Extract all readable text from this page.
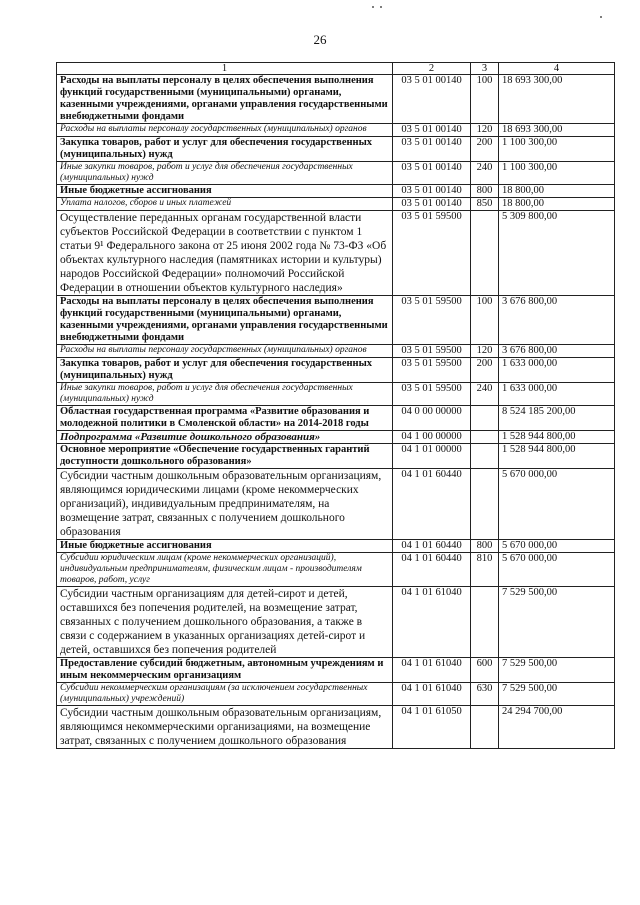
26
1	2	3	4
Расходы на выплаты персоналу в целях обеспечения выполнения функций государственными (муниципальными) органами, казенными учреждениями, органами управления государственными внебюджетными фондами	03 5 01 00140	100	18 693 300,00
Расходы на выплаты персоналу государственных (муниципальных) органов	03 5 01 00140	120	18 693 300,00
Закупка товаров, работ и услуг для обеспечения государственных (муниципальных) нужд	03 5 01 00140	200	1 100 300,00
Иные закупки товаров, работ и услуг для обеспечения государственных (муниципальных) нужд	03 5 01 00140	240	1 100 300,00
Иные бюджетные ассигнования	03 5 01 00140	800	18 800,00
Уплата налогов, сборов и иных платежей	03 5 01 00140	850	18 800,00
Осуществление переданных органам государственной власти субъектов Российской Федерации в соответствии с пунктом 1 статьи 9¹ Федерального закона от 25 июня 2002 года № 73-ФЗ «Об объектах культурного наследия (памятниках истории и культуры) народов Российской Федерации» полномочий Российской Федерации в отношении объектов культурного наследия»	03 5 01 59500		5 309 800,00
Расходы на выплаты персоналу в целях обеспечения выполнения функций государственными (муниципальными) органами, казенными учреждениями, органами управления государственными внебюджетными фондами	03 5 01 59500	100	3 676 800,00
Расходы на выплаты персоналу государственных (муниципальных) органов	03 5 01 59500	120	3 676 800,00
Закупка товаров, работ и услуг для обеспечения государственных (муниципальных) нужд	03 5 01 59500	200	1 633 000,00
Иные закупки товаров, работ и услуг для обеспечения государственных (муниципальных) нужд	03 5 01 59500	240	1 633 000,00
Областная государственная программа «Развитие образования и молодежной политики в Смоленской области» на 2014-2018 годы	04 0 00 00000		8 524 185 200,00
Подпрограмма «Развитие дошкольного образования»	04 1 00 00000		1 528 944 800,00
Основное мероприятие «Обеспечение государственных гарантий доступности дошкольного образования»	04 1 01 00000		1 528 944 800,00
Субсидии частным дошкольным образовательным организациям, являющимся юридическими лицами (кроме некоммерческих организаций), индивидуальным предпринимателям, на возмещение затрат, связанных с получением дошкольного образования	04 1 01 60440		5 670 000,00
Иные бюджетные ассигнования	04 1 01 60440	800	5 670 000,00
Субсидии юридическим лицам (кроме некоммерческих организаций), индивидуальным предпринимателям, физическим лицам - производителям товаров, работ, услуг	04 1 01 60440	810	5 670 000,00
Субсидии частным организациям для детей-сирот и детей, оставшихся без попечения родителей, на возмещение затрат, связанных с получением дошкольного образования, а также в связи с содержанием в указанных организациях детей-сирот и детей, оставшихся без попечения родителей	04 1 01 61040		7 529 500,00
Предоставление субсидий бюджетным, автономным учреждениям и иным некоммерческим организациям	04 1 01 61040	600	7 529 500,00
Субсидии некоммерческим организациям (за исключением государственных (муниципальных) учреждений)	04 1 01 61040	630	7 529 500,00
Субсидии частным дошкольным образовательным организациям, являющимся некоммерческими организациями, на возмещение затрат, связанных с получением дошкольного образования	04 1 01 61050		24 294 700,00
